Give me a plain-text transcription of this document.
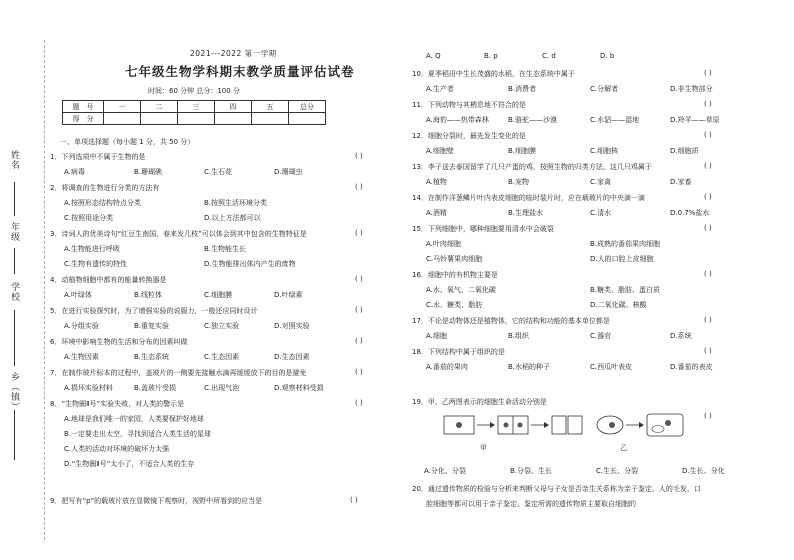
姓名
年级
学校
乡（镇）
2021---2022 第一学期
七年级生物学科期末教学质量评估试卷
时间：60 分钟 总分：100 分
题　号	一	二	三	四	五	总分
得　分						
一、单项选择题（每小题 1 分，共 50 分）
1．下列选项中不属于生物的是	( )
A.病毒	B.珊瑚礁	C.生石花	D.珊瑚虫
2．将调查的生物进行分类的方法有	( )
A.按照形态结构特点分类	B.按照生活环境分类
C.按照用途分类	D.以上方法都可以
3．诗词人的优美诗句“红豆生南国，春来发几枝”可以体会到其中包含的生物特征是	( )
A.生物能进行呼吸	B.生物能生长
C.生物有遗传的特性	D.生物能排出体内产生的废物
4．动植物细胞中都有的能量转换器是	( )
A.叶绿体	B.线粒体	C.细胞膜	D.叶绿素
5．在进行实验探究时，为了增强实验的说服力，一般还应同时设计	( )
A.分组实验	B.重复实验	C.独立实验	D.对照实验
6．环境中影响生物的生活和分布的因素叫做	( )
A.生物因素	B.生态系统	C.生态因素	D.生态因素
7．在制作玻片标本的过程中，盖玻片的一侧要先接触水滴再缓缓放下的目的是避免	( )
A.损坏实验材料	B.盖玻片受损	C.出现气泡	D.观察材料受损
8．“生物圈Ⅱ号”实验失败，对人类的警示是	( )
A.地球是我们唯一的家园，人类要保护好地球
B.一定要走出太空，寻找到适合人类生活的星球
C.人类的活动对环境的破坏力太强
D.“生物圈Ⅱ号”太小了，不适合人类的生存
9．把写有“p”的载玻片放在显微镜下观察时，视野中所看到的应当是	( )
A. Q	B. p	C. d	D. b
10．夏季稻田中生长茂盛的水稻，在生态系统中属于	( )
A.生产者	B.消费者	C.分解者	D.非生物部分
11．下列动物与其栖息地不符合的是	( )
A.海豹——热带森林	B.骆驼——沙漠	C.水貂——湿地	D.羚羊——草原
12．细胞分裂时，最先发生变化的是	( )
A.细胞壁	B.细胞膜	C.细胞核	D.细胞质
13．李子送去泰国留学了几只产蛋的鸡，按照生物的归类方法，这几只鸡属于	( )
A.植物	B.宠物	C.家禽	D.家畜
14．在制作洋葱鳞片叶内表皮细胞的临时装片时，应在载玻片的中央滴一滴	( )
A.酒精	B.生理盐水	C.清水	D.0.7%盐水
15．下列细胞中，哪种细胞要用清水中会破裂	( )
A.叶肉细胞	B.成熟的番茄果肉细胞
C.马铃薯果肉细胞	D.人的口腔上皮细胞
16．细胞中的有机物主要是	( )
A.水、氧气、二氧化碳	B.糖类、脂肪、蛋白质
C.水、糖类、脂肪	D.二氧化碳、核酸
17．不论是动物体还是植物体，它的结构和功能的基本单位都是	( )
A.细胞	B.组织	C.器官	D.系统
18．下列结构中属于组织的是	( )
A.番茄的果肉	B.水稻的种子	C.西瓜叶表皮	D.番茄的表皮
19．甲、乙两图表示的细胞生命活动分别是
甲	乙
( )
A.分化、分裂	B.分裂、生长	C.生长、分裂	D.生长、分化
20．通过遗传物质的检验与分析来判断父母与子女是否亲生关系称为亲子鉴定。人的毛发、口
腔细胞等都可以用于亲子鉴定。鉴定所需的遗传物质主要取自细胞的
